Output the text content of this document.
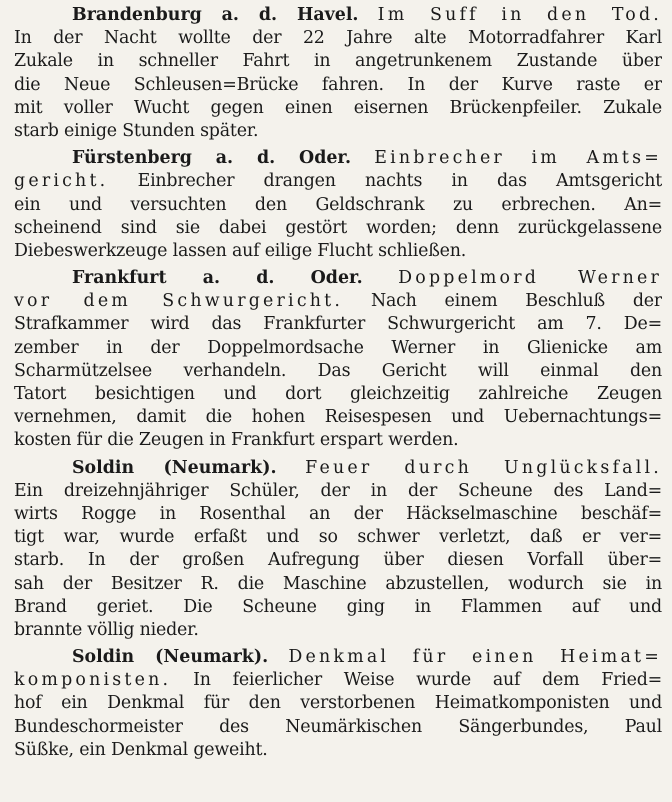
Brandenburg a. d. Havel. Im Suff in den Tod.
In der Nacht wollte der 22 Jahre alte Motorradfahrer Karl
Zukale in schneller Fahrt in angetrunkenem Zustande über
die Neue Schleusen=Brücke fahren. In der Kurve raste er
mit voller Wucht gegen einen eisernen Brückenpfeiler. Zukale
starb einige Stunden später.
Fürstenberg a. d. Oder. Einbrecher im Amts=
gericht. Einbrecher drangen nachts in das Amtsgericht
ein und versuchten den Geldschrank zu erbrechen. An=
scheinend sind sie dabei gestört worden; denn zurückgelassene
Diebeswerkzeuge lassen auf eilige Flucht schließen.
Frankfurt a. d. Oder. Doppelmord Werner
vor dem Schwurgericht. Nach einem Beschluß der
Strafkammer wird das Frankfurter Schwurgericht am 7. De=
zember in der Doppelmordsache Werner in Glienicke am
Scharmützelsee verhandeln. Das Gericht will einmal den
Tatort besichtigen und dort gleichzeitig zahlreiche Zeugen
vernehmen, damit die hohen Reisespesen und Uebernachtungs=
kosten für die Zeugen in Frankfurt erspart werden.
Soldin (Neumark). Feuer durch Unglücksfall.
Ein dreizehnjähriger Schüler, der in der Scheune des Land=
wirts Rogge in Rosenthal an der Häckselmaschine beschäf=
tigt war, wurde erfaßt und so schwer verletzt, daß er ver=
starb. In der großen Aufregung über diesen Vorfall über=
sah der Besitzer R. die Maschine abzustellen, wodurch sie in
Brand geriet. Die Scheune ging in Flammen auf und
brannte völlig nieder.
Soldin (Neumark). Denkmal für einen Heimat=
komponisten. In feierlicher Weise wurde auf dem Fried=
hof ein Denkmal für den verstorbenen Heimatkomponisten und
Bundeschormeister des Neumärkischen Sängerbundes, Paul
Süßke, ein Denkmal geweiht.
